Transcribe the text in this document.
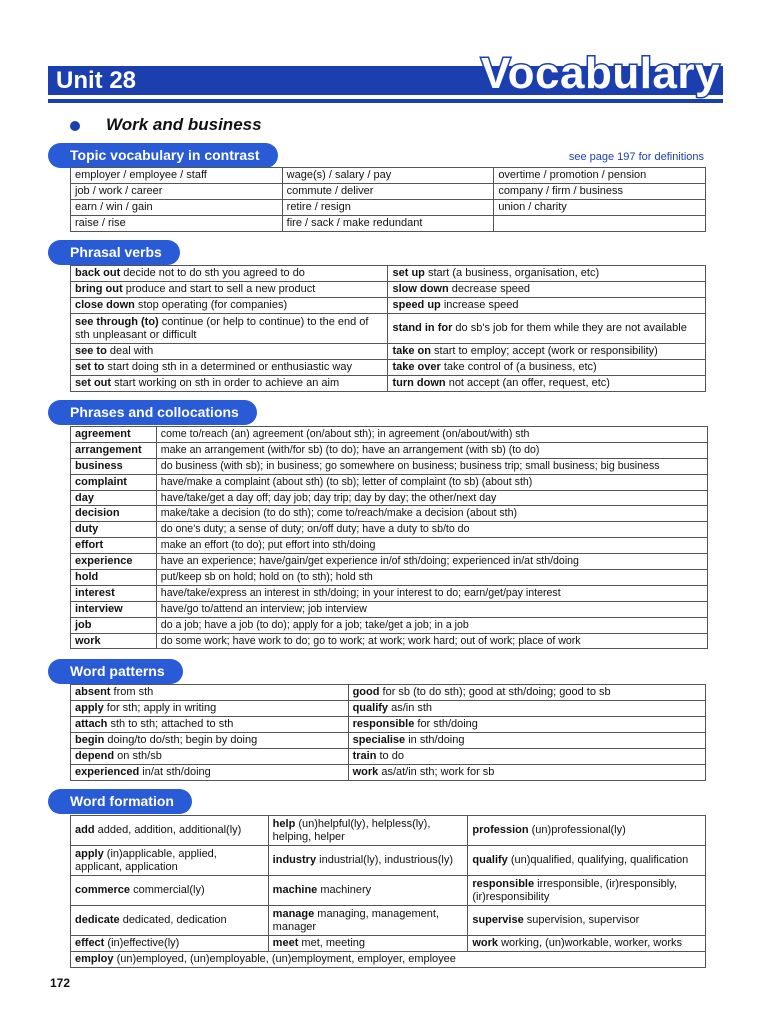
Unit 28	Vocabulary
Work and business
Topic vocabulary in contrast	see page 197 for definitions
employer / employee / staff	wage(s) / salary / pay	overtime / promotion / pension
job / work / career	commute / deliver	company / firm / business
earn / win / gain	retire / resign	union / charity
raise / rise	fire / sack / make redundant	
Phrasal verbs
back out decide not to do sth you agreed to do	set up start (a business, organisation, etc)
bring out produce and start to sell a new product	slow down decrease speed
close down stop operating (for companies)	speed up increase speed
see through (to) continue (or help to continue) to the end of sth unpleasant or difficult	stand in for do sb's job for them while they are not available
see to deal with	take on start to employ; accept (work or responsibility)
set to start doing sth in a determined or enthusiastic way	take over take control of (a business, etc)
set out start working on sth in order to achieve an aim	turn down not accept (an offer, request, etc)
Phrases and collocations
agreement	come to/reach (an) agreement (on/about sth); in agreement (on/about/with) sth
arrangement	make an arrangement (with/for sb) (to do); have an arrangement (with sb) (to do)
business	do business (with sb); in business; go somewhere on business; business trip; small business; big business
complaint	have/make a complaint (about sth) (to sb); letter of complaint (to sb) (about sth)
day	have/take/get a day off; day job; day trip; day by day; the other/next day
decision	make/take a decision (to do sth); come to/reach/make a decision (about sth)
duty	do one's duty; a sense of duty; on/off duty; have a duty to sb/to do
effort	make an effort (to do); put effort into sth/doing
experience	have an experience; have/gain/get experience in/of sth/doing; experienced in/at sth/doing
hold	put/keep sb on hold; hold on (to sth); hold sth
interest	have/take/express an interest in sth/doing; in your interest to do; earn/get/pay interest
interview	have/go to/attend an interview; job interview
job	do a job; have a job (to do); apply for a job; take/get a job; in a job
work	do some work; have work to do; go to work; at work; work hard; out of work; place of work
Word patterns
absent from sth	good for sb (to do sth); good at sth/doing; good to sb
apply for sth; apply in writing	qualify as/in sth
attach sth to sth; attached to sth	responsible for sth/doing
begin doing/to do/sth; begin by doing	specialise in sth/doing
depend on sth/sb	train to do
experienced in/at sth/doing	work as/at/in sth; work for sb
Word formation
add added, addition, additional(ly)	help (un)helpful(ly), helpless(ly), helping, helper	profession (un)professional(ly)
apply (in)applicable, applied, applicant, application	industry industrial(ly), industrious(ly)	qualify (un)qualified, qualifying, qualification
commerce commercial(ly)	machine machinery	responsible irresponsible, (ir)responsibly, (ir)responsibility
dedicate dedicated, dedication	manage managing, management, manager	supervise supervision, supervisor
effect (in)effective(ly)	meet met, meeting	work working, (un)workable, worker, works
employ (un)employed, (un)employable, (un)employment, employer, employee		
172
